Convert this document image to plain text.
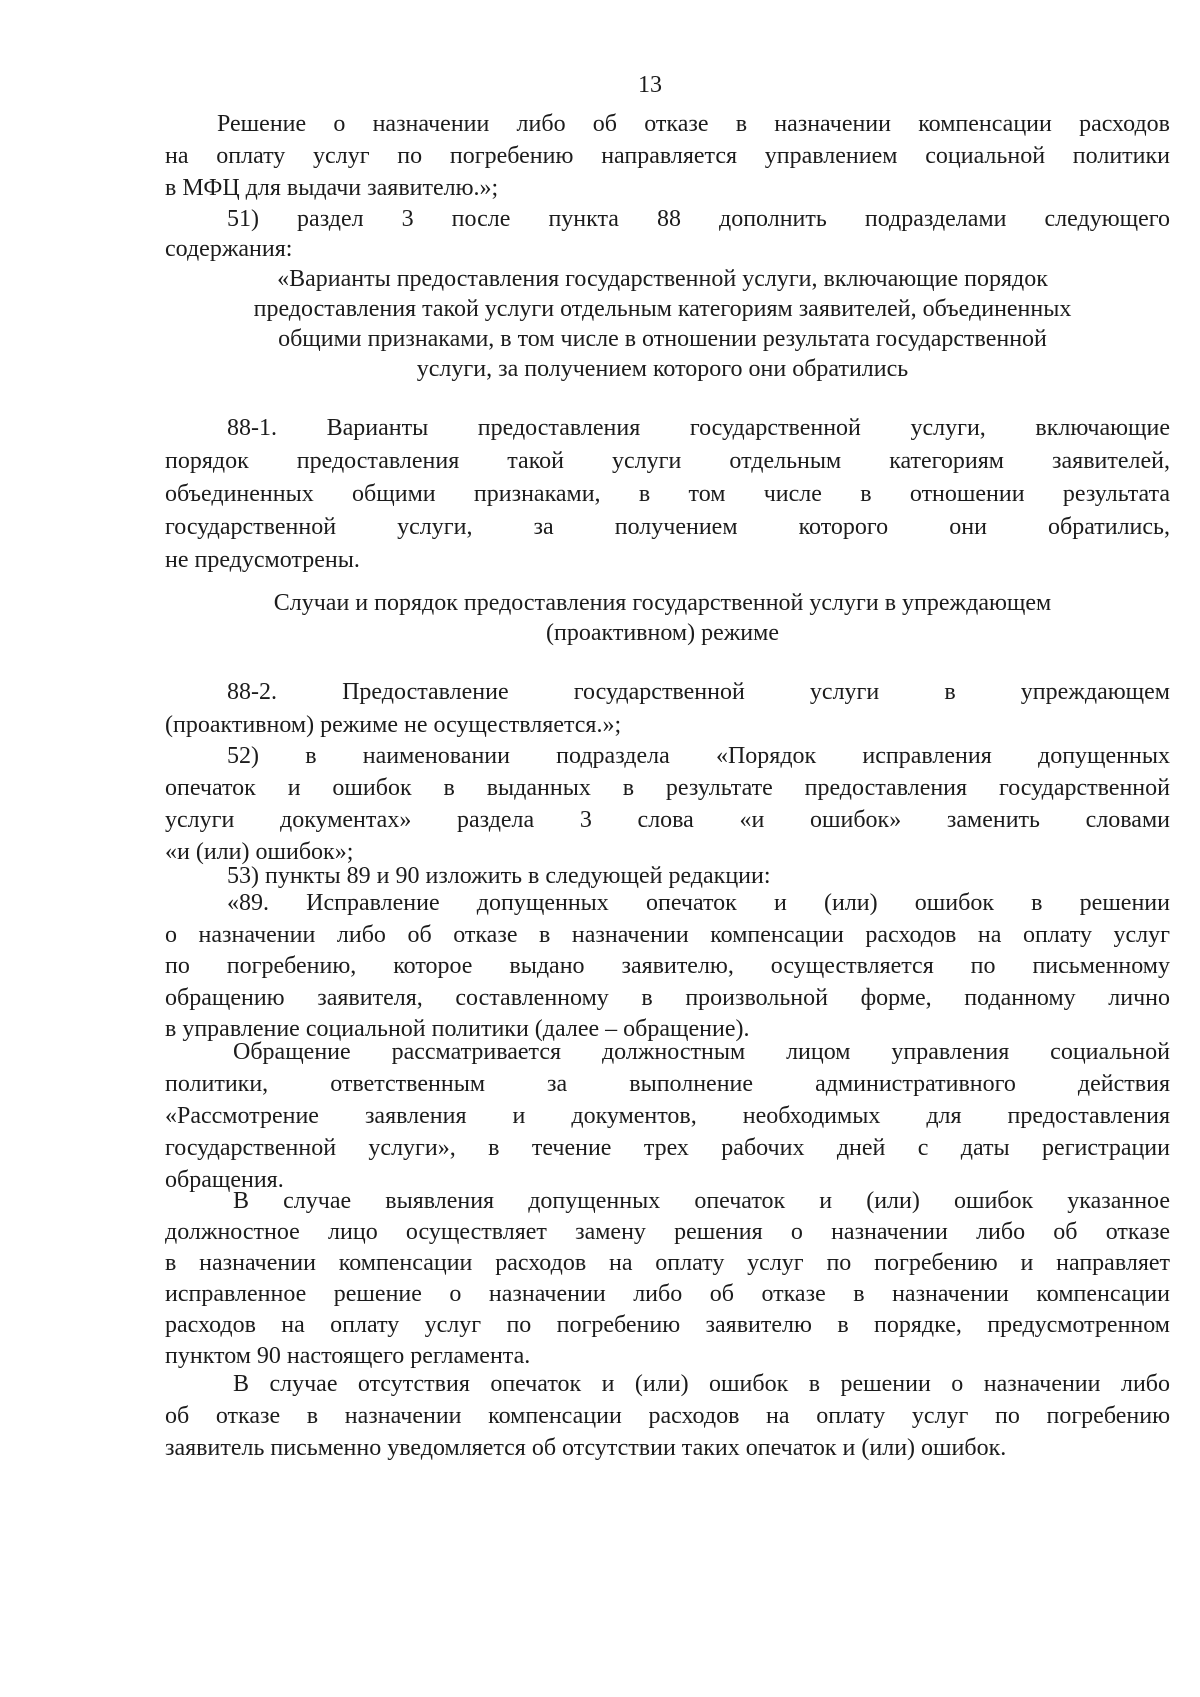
13
Решение о назначении либо об отказе в назначении компенсации расходов
на оплату услуг по погребению направляется управлением социальной политики
в МФЦ для выдачи заявителю.»;
51) раздел 3 после пункта 88 дополнить подразделами следующего
содержания:
«Варианты предоставления государственной услуги, включающие порядок
предоставления такой услуги отдельным категориям заявителей, объединенных
общими признаками, в том числе в отношении результата государственной
услуги, за получением которого они обратились
88-1. Варианты предоставления государственной услуги, включающие
порядок предоставления такой услуги отдельным категориям заявителей,
объединенных общими признаками, в том числе в отношении результата
государственной услуги, за получением которого они обратились,
не предусмотрены.
Случаи и порядок предоставления государственной услуги в упреждающем
(проактивном) режиме
88-2. Предоставление государственной услуги в упреждающем
(проактивном) режиме не осуществляется.»;
52) в наименовании подраздела «Порядок исправления допущенных
опечаток и ошибок в выданных в результате предоставления государственной
услуги документах» раздела 3 слова «и ошибок» заменить словами
«и (или) ошибок»;
53) пункты 89 и 90 изложить в следующей редакции:
«89. Исправление допущенных опечаток и (или) ошибок в решении
о назначении либо об отказе в назначении компенсации расходов на оплату услуг
по погребению, которое выдано заявителю, осуществляется по письменному
обращению заявителя, составленному в произвольной форме, поданному лично
в управление социальной политики (далее – обращение).
Обращение рассматривается должностным лицом управления социальной
политики, ответственным за выполнение административного действия
«Рассмотрение заявления и документов, необходимых для предоставления
государственной услуги», в течение трех рабочих дней с даты регистрации
обращения.
В случае выявления допущенных опечаток и (или) ошибок указанное
должностное лицо осуществляет замену решения о назначении либо об отказе
в назначении компенсации расходов на оплату услуг по погребению и направляет
исправленное решение о назначении либо об отказе в назначении компенсации
расходов на оплату услуг по погребению заявителю в порядке, предусмотренном
пунктом 90 настоящего регламента.
В случае отсутствия опечаток и (или) ошибок в решении о назначении либо
об отказе в назначении компенсации расходов на оплату услуг по погребению
заявитель письменно уведомляется об отсутствии таких опечаток и (или) ошибок.
